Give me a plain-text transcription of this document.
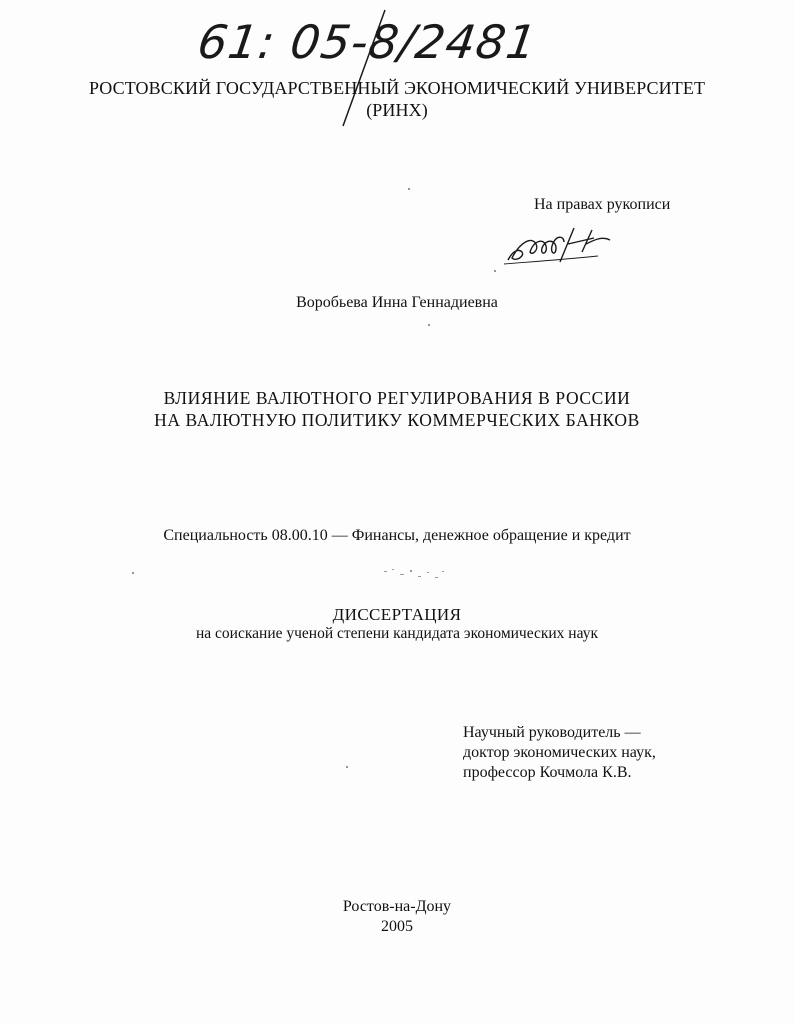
61: 05-8/2481
РОСТОВСКИЙ ГОСУДАРСТВЕННЫЙ ЭКОНОМИЧЕСКИЙ УНИВЕРСИТЕТ
(РИНХ)
На правах рукописи
Воробьева Инна Геннадиевна
ВЛИЯНИЕ ВАЛЮТНОГО РЕГУЛИРОВАНИЯ В РОССИИ
НА ВАЛЮТНУЮ ПОЛИТИКУ КОММЕРЧЕСКИХ БАНКОВ
Специальность 08.00.10 — Финансы, денежное обращение и кредит
ДИССЕРТАЦИЯ
на соискание ученой степени кандидата экономических наук
Научный руководитель —
доктор экономических наук,
профессор Кочмола К.В.
Ростов-на-Дону
2005
